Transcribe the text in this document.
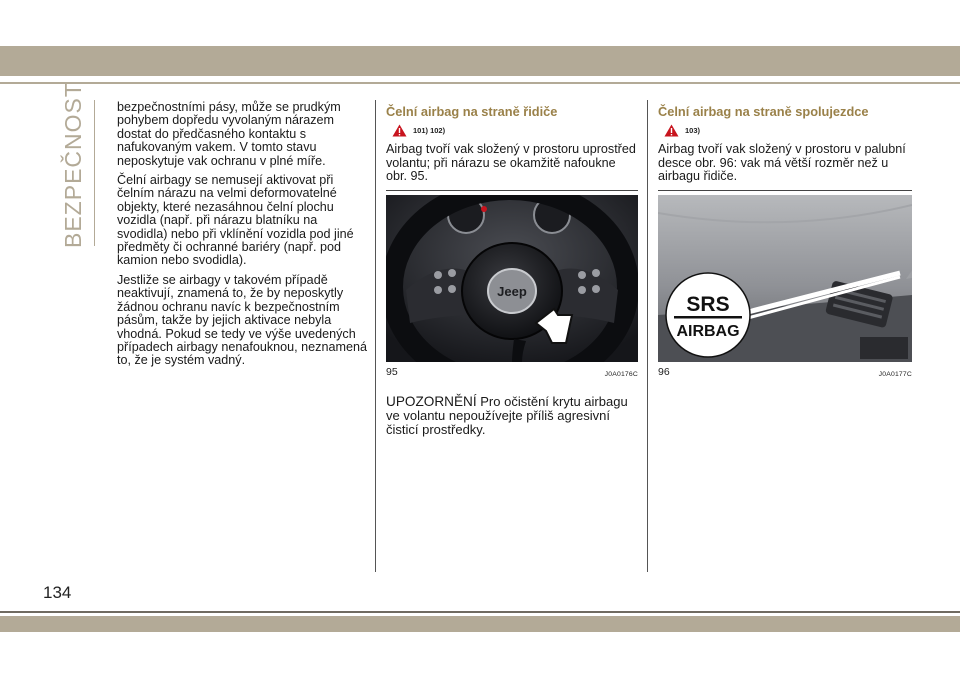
BEZPEČNOST bezpečnostními pásy, může se prudkým pohybem dopředu vyvolaným nárazem dostat do předčasného kontaktu s nafukovaným vakem. V tomto stavu neposkytuje vak ochranu v plné míře.

Čelní airbagy se nemusejí aktivovat při čelním nárazu na velmi deformovatelné objekty, které nezasáhnou čelní plochu vozidla (např. při nárazu blatníku na svodidla) nebo při vklínění vozidla pod jiné předměty či ochranné bariéry (např. pod kamion nebo svodidla).

Jestliže se airbagy v takovém případě neaktivují, znamená to, že by neposkytly žádnou ochranu navíc k bezpečnostním pásům, takže by jejich aktivace nebyla vhodná. Pokud se tedy ve výše uvedených případech airbagy nenafouknou, neznamená to, že je systém vadný.

Čelní airbag na straně řidiče
101) 102)

Airbag tvoří vak složený v prostoru uprostřed volantu; při nárazu se okamžitě nafoukne obr. 95.

Jeep
95	J0A0176C
UPOZORNĚNÍ Pro očistění krytu airbagu ve volantu nepoužívejte příliš agresivní čisticí prostředky.
Čelní airbag na straně spolujezdce
103)

Airbag tvoří vak složený v prostoru v palubní desce obr. 96: vak má větší rozměr než u airbagu řidiče.

SRS
AIRBAG
96	J0A0177C
134
